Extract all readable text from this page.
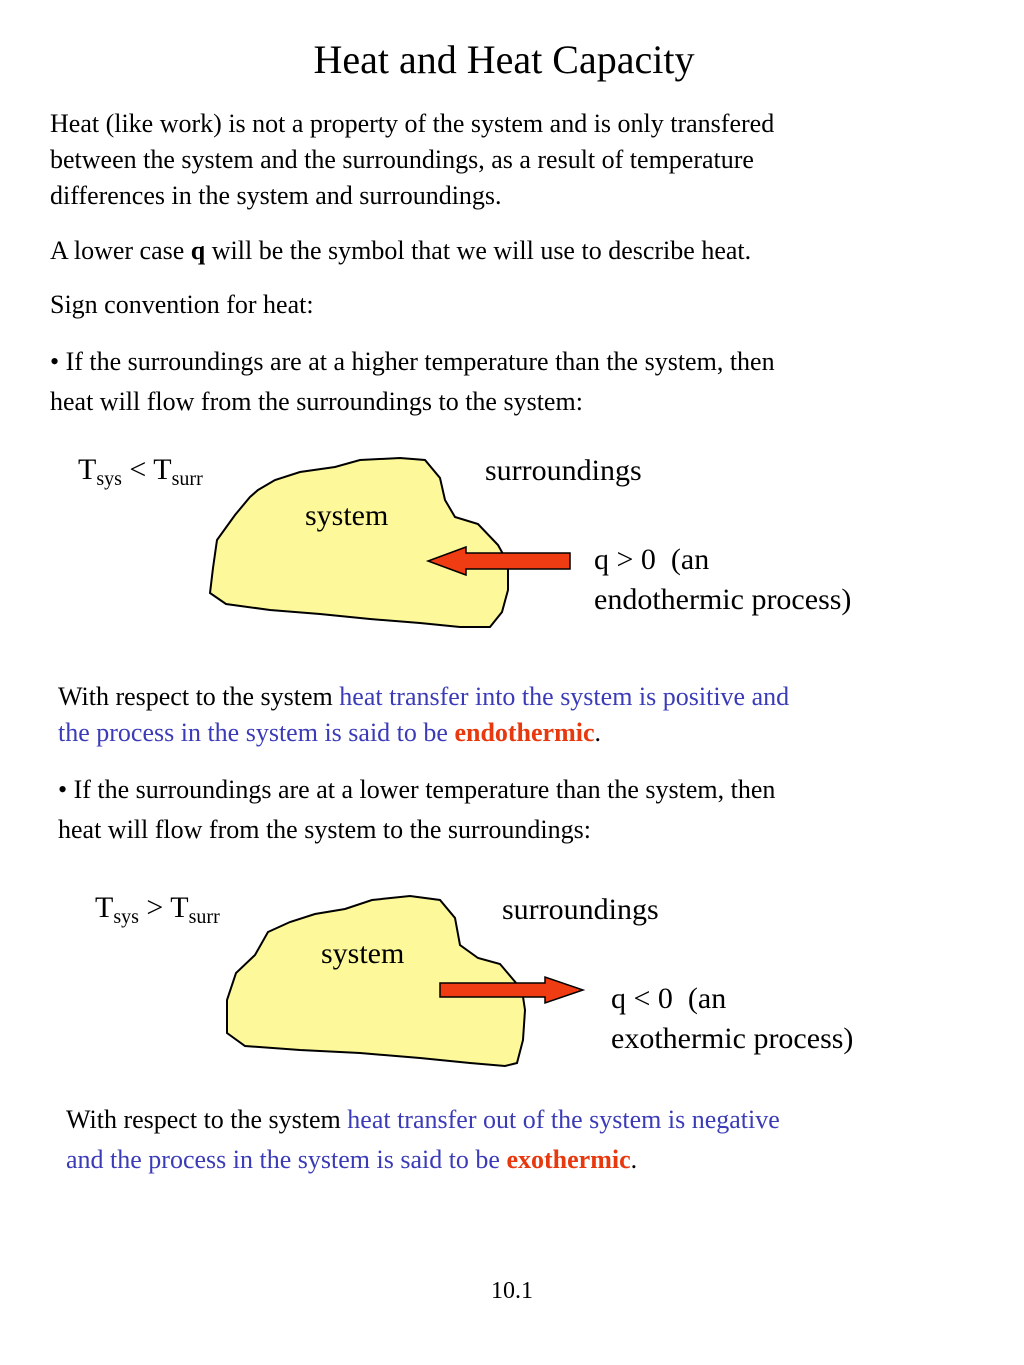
Heat and Heat Capacity
Heat (like work) is not a property of the system and is only transfered
between the system and the surroundings, as a result of temperature
differences in the system and surroundings.
A lower case q will be the symbol that we will use to describe heat.
Sign convention for heat:
• If the surroundings are at a higher temperature than the system, then
heat will flow from the surroundings to the system:
$T_{sys} < T_{surr}$	surroundings
system
q > 0  (an
endothermic process)
With respect to the system heat transfer into the system is positive and
the process in the system is said to be endothermic.
• If the surroundings are at a lower temperature than the system, then
heat will flow from the system to the surroundings:
$T_{sys} > T_{surr}$	surroundings
system
q < 0  (an
exothermic process)
With respect to the system heat transfer out of the system is negative
and the process in the system is said to be exothermic.
10.1
